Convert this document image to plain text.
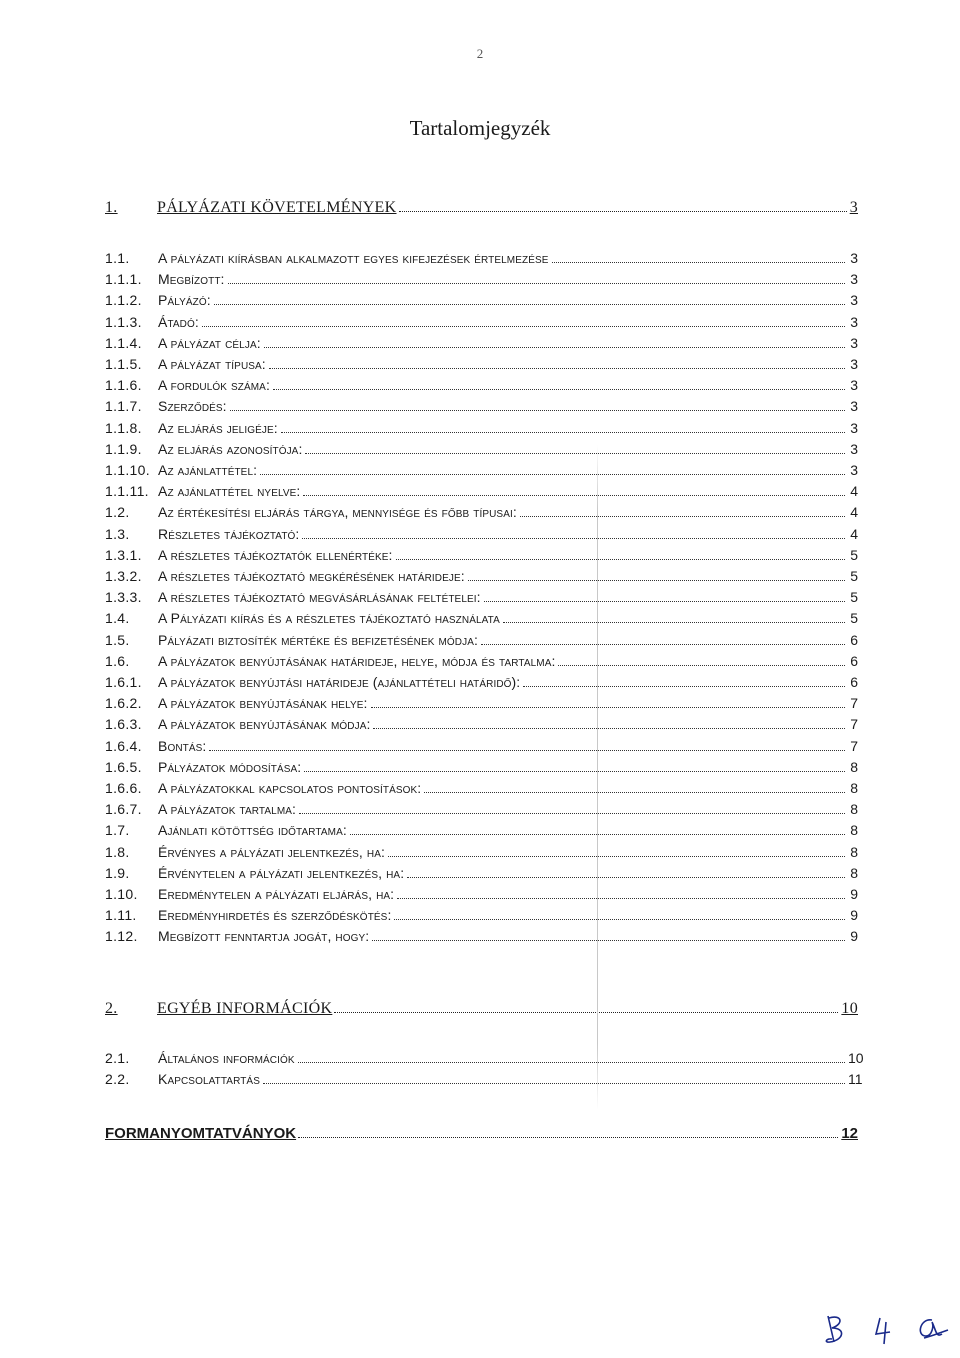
2
Tartalomjegyzék
1.	PÁLYÁZATI KÖVETELMÉNYEK	3
1.1.	A pályázati kiírásban alkalmazott egyes kifejezések értelmezése	3
1.1.1.	Megbízott:	3
1.1.2.	Pályázó:	3
1.1.3.	Átadó:	3
1.1.4.	A pályázat célja:	3
1.1.5.	A pályázat típusa:	3
1.1.6.	A fordulók száma:	3
1.1.7.	Szerződés:	3
1.1.8.	Az eljárás jeligéje:	3
1.1.9.	Az eljárás azonosítója:	3
1.1.10. Az ajánlattétel:	3
1.1.11. Az ajánlattétel nyelve:	4
1.2.	Az értékesítési eljárás tárgya, mennyisége és főbb típusai:	4
1.3.	Részletes tájékoztató:	4
1.3.1.	A részletes tájékoztatók ellenértéke:	5
1.3.2.	A részletes tájékoztató megkérésének határideje:	5
1.3.3.	A részletes tájékoztató megvásárlásának feltételei:	5
1.4.	A Pályázati kiírás és a részletes tájékoztató használata	5
1.5.	Pályázati biztosíték mértéke és befizetésének módja:	6
1.6.	A pályázatok benyújtásának határideje, helye, módja és tartalma:	6
1.6.1.	A pályázatok benyújtási határideje (ajánlattételi határidő):	6
1.6.2.	A pályázatok benyújtásának helye:	7
1.6.3.	A pályázatok benyújtásának módja:	7
1.6.4.	Bontás:	7
1.6.5.	Pályázatok módosítása:	8
1.6.6.	A pályázatokkal kapcsolatos pontosítások:	8
1.6.7.	A pályázatok tartalma:	8
1.7.	Ajánlati kötöttség időtartama:	8
1.8.	Érvényes a pályázati jelentkezés, ha:	8
1.9.	Érvénytelen a pályázati jelentkezés, ha:	8
1.10.	Eredménytelen a pályázati eljárás, ha:	9
1.11.	Eredményhirdetés és szerződéskötés:	9
1.12.	Megbízott fenntartja jogát, hogy:	9
2.	EGYÉB INFORMÁCIÓK	10
2.1.	Általános információk	10
2.2.	Kapcsolattartás	11
FORMANYOMTATVÁNYOK	12
